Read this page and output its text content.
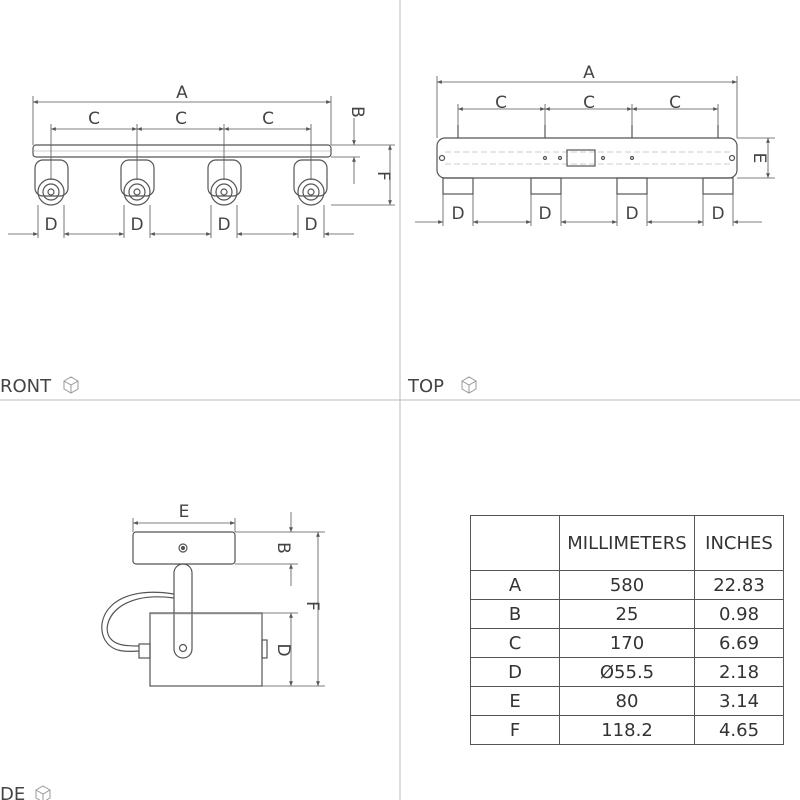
A
C	C	C	B
F
D	D	D	D
RONT
A
C	C	C
E
D	D	D	D
TOP
E
B
D
F
DE
	MILLIMETERS	INCHES
A	580	22.83
B	25	0.98
C	170	6.69
D	Ø55.5	2.18
E	80	3.14
F	118.2	4.65
